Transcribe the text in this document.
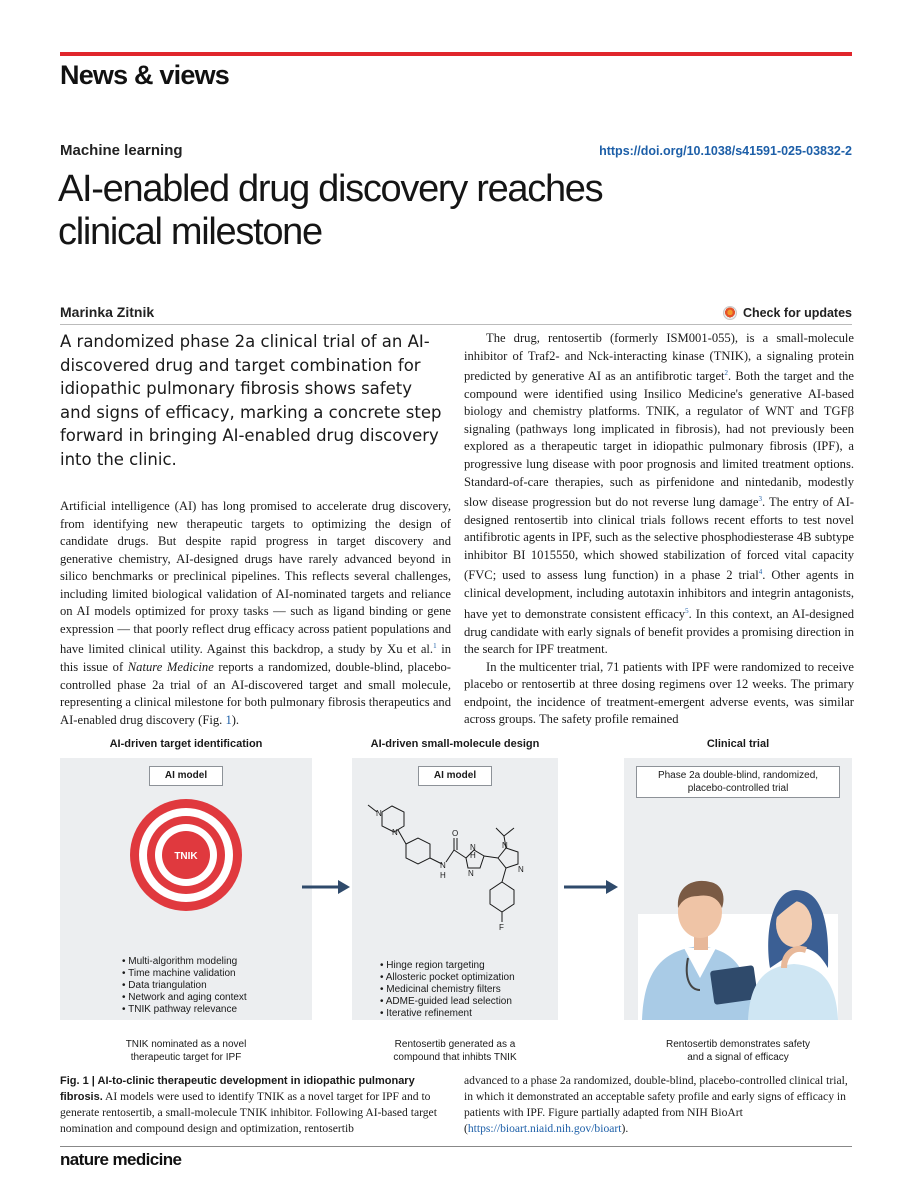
News & views
Machine learning	https://doi.org/10.1038/s41591-025-03832-2
AI-enabled drug discovery reaches
clinical milestone
Marinka Zitnik	Check for updates
A randomized phase 2a clinical trial of an AI-discovered drug and target combination for idiopathic pulmonary fibrosis shows safety and signs of efficacy, marking a concrete step forward in bringing AI-enabled drug discovery into the clinic.

Artificial intelligence (AI) has long promised to accelerate drug discovery, from identifying new therapeutic targets to optimizing the design of candidate drugs. But despite rapid progress in target discovery and generative chemistry, AI-designed drugs have rarely advanced beyond in silico benchmarks or preclinical pipelines. This reflects several challenges, including limited biological validation of AI-nominated targets and reliance on AI models optimized for proxy tasks — such as ligand binding or gene expression — that poorly reflect drug efficacy across patient populations and have limited clinical utility. Against this backdrop, a study by Xu et al.$^1$ in this issue of Nature Medicine reports a randomized, double-blind, placebo-controlled phase 2a trial of an AI-discovered target and small molecule, representing a clinical milestone for both pulmonary fibrosis therapeutics and AI-enabled drug discovery (Fig. 1).

The drug, rentosertib (formerly ISM001-055), is a small-molecule inhibitor of Traf2- and Nck-interacting kinase (TNIK), a signaling protein predicted by generative AI as an antifibrotic target$^2$. Both the target and the compound were identified using Insilico Medicine's generative AI-based biology and chemistry platforms. TNIK, a regulator of WNT and TGFβ signaling (pathways long implicated in fibrosis), had not previously been explored as a therapeutic target in idiopathic pulmonary fibrosis (IPF), a progressive lung disease with poor prognosis and limited treatment options. Standard-of-care therapies, such as pirfenidone and nintedanib, modestly slow disease progression but do not reverse lung damage$^3$. The entry of AI-designed rentosertib into clinical trials follows recent efforts to test novel antifibrotic agents in IPF, such as the selective phosphodiesterase 4B subtype inhibitor BI 1015550, which showed stabilization of forced vital capacity (FVC; used to assess lung function) in a phase 2 trial$^4$. Other agents in clinical development, including autotaxin inhibitors and integrin antagonists, have yet to demonstrate consistent efficacy$^5$. In this context, an AI-designed drug candidate with early signals of benefit provides a promising direction in the search for IPF treatment.

In the multicenter trial, 71 patients with IPF were randomized to receive placebo or rentosertib at three dosing regimens over 12 weeks. The primary endpoint, the incidence of treatment-emergent adverse events, was similar across groups. The safety profile remained

AI-driven target identification
AI model
TNIK
• Multi-algorithm modeling
• Time machine validation
• Data triangulation
• Network and aging context
• TNIK pathway relevance
TNIK nominated as a novel
therapeutic target for IPF
AI-driven small-molecule design
AI model
N
N
N
H
O
N
H
N
N
N
F
• Hinge region targeting
• Allosteric pocket optimization
• Medicinal chemistry filters
• ADME-guided lead selection
• Iterative refinement
Rentosertib generated as a
compound that inhibts TNIK
Clinical trial
Phase 2a double-blind, randomized,
placebo-controlled trial
Rentosertib demonstrates safety
and a signal of efficacy
Fig. 1 | AI-to-clinic therapeutic development in idiopathic pulmonary fibrosis. AI models were used to identify TNIK as a novel target for IPF and to generate rentosertib, a small-molecule TNIK inhibitor. Following AI-based target nomination and compound design and optimization, rentosertib
advanced to a phase 2a randomized, double-blind, placebo-controlled clinical trial, in which it demonstrated an acceptable safety profile and early signs of efficacy in patients with IPF. Figure partially adapted from NIH BioArt (https://bioart.niaid.nih.gov/bioart).
nature medicine
